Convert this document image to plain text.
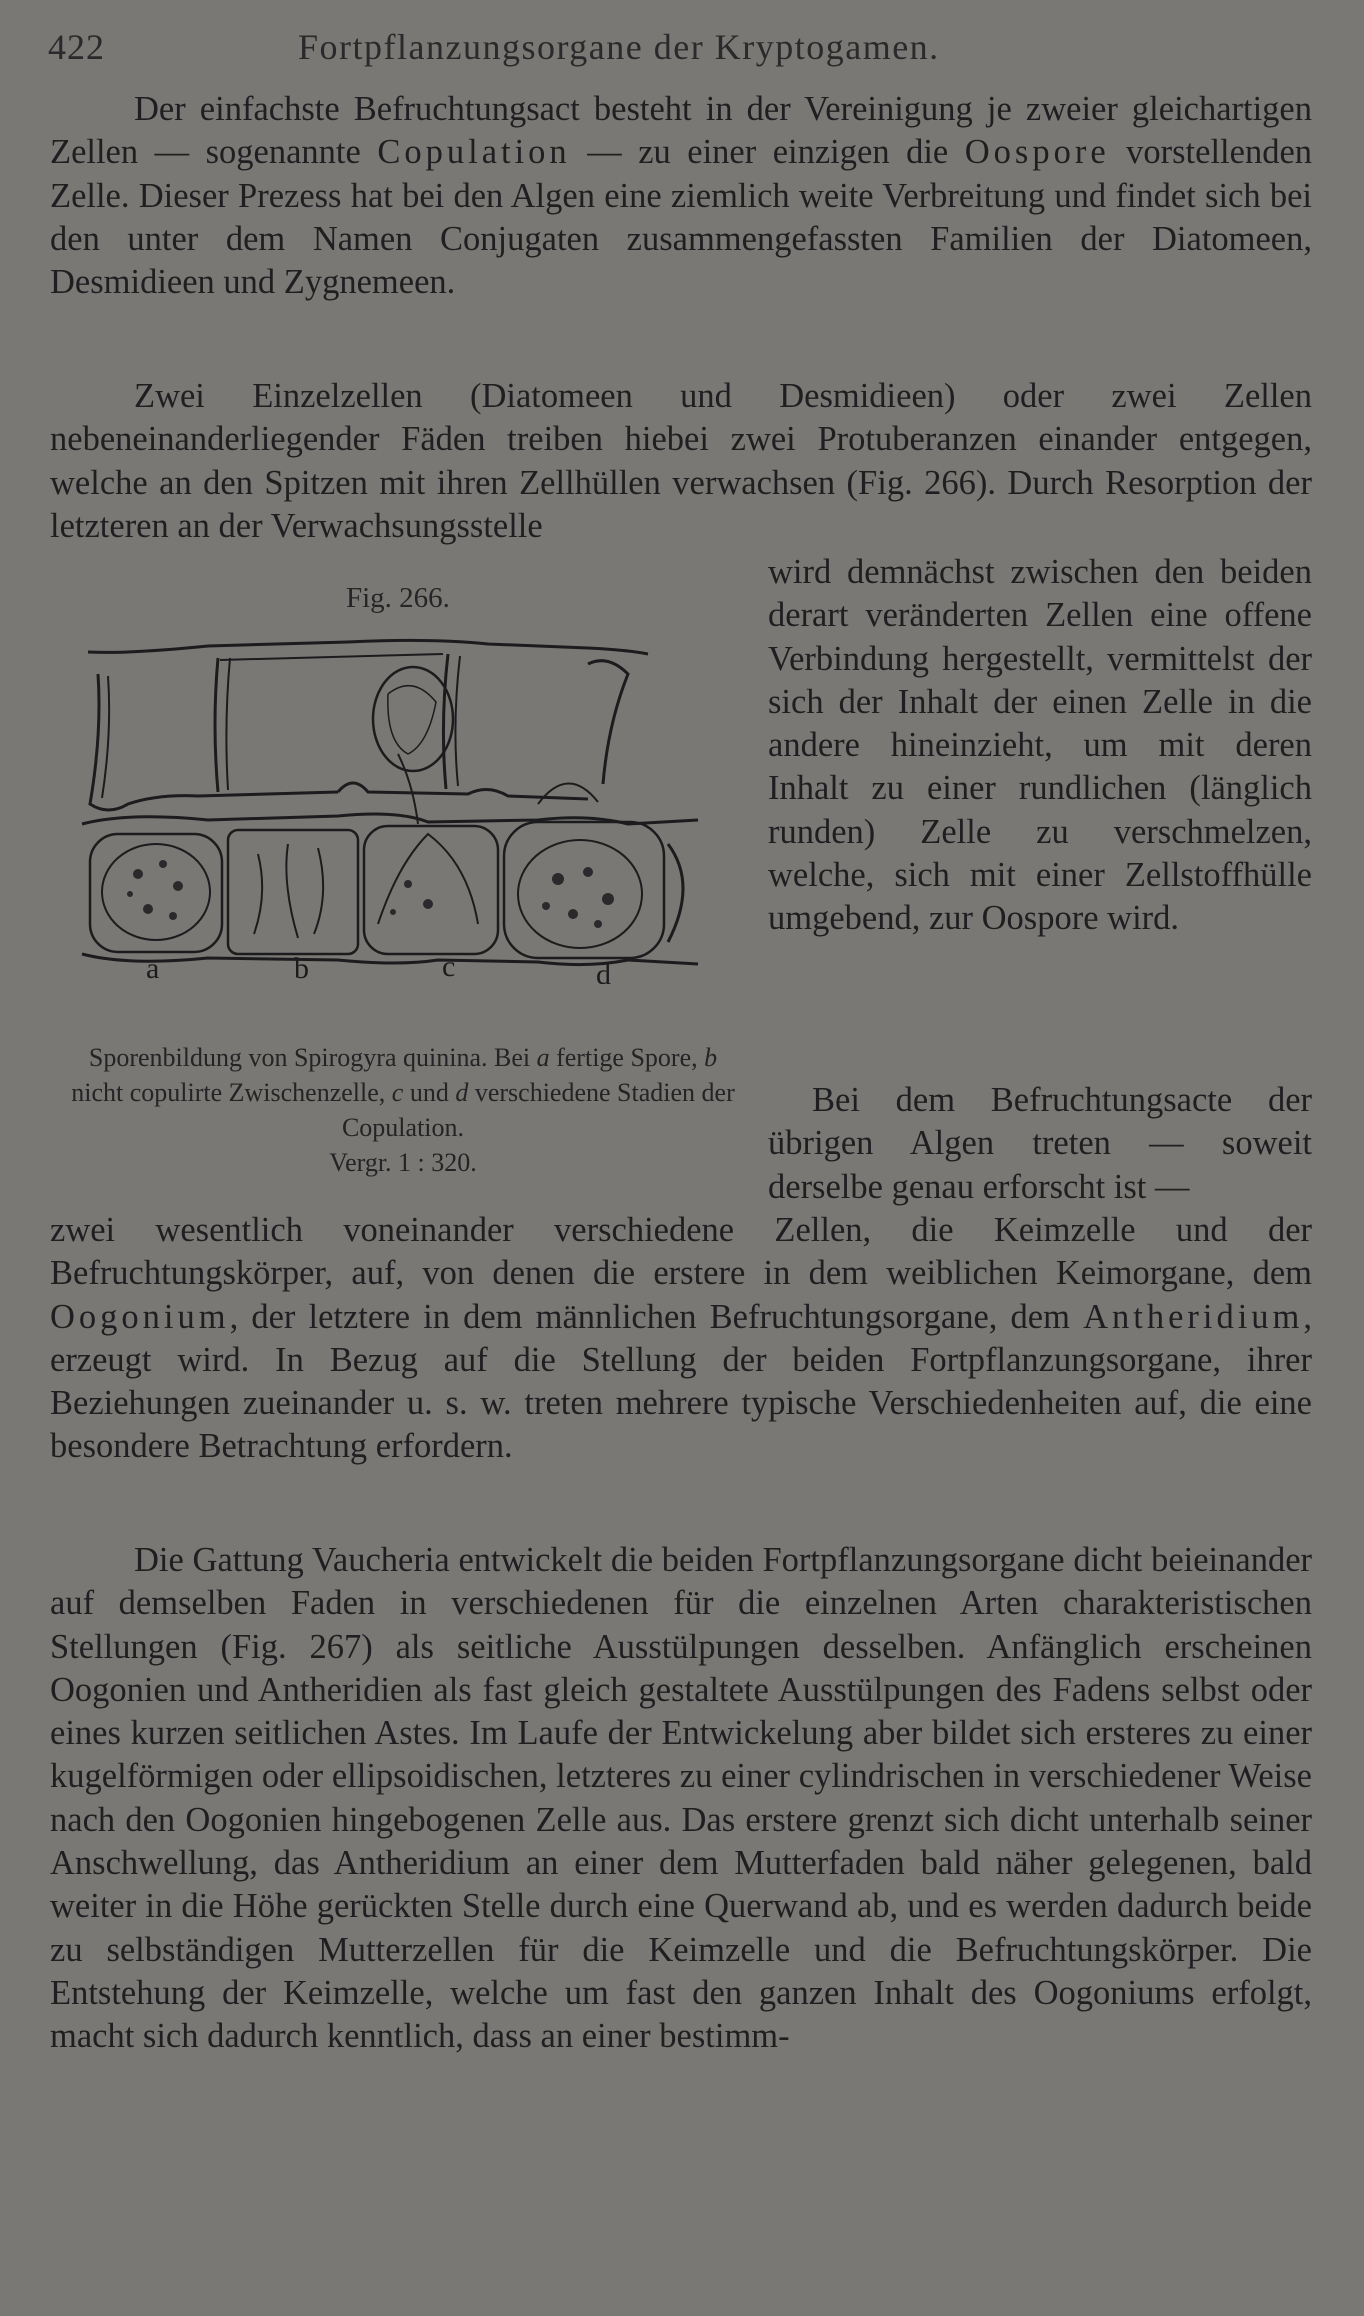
422	Fortpflanzungsorgane der Kryptogamen.

Der einfachste Befruchtungsact besteht in der Vereinigung je zweier gleichartigen Zellen — sogenannte Copulation — zu einer einzigen die Oospore vorstellenden Zelle. Dieser Prezess hat bei den Algen eine ziemlich weite Verbreitung und findet sich bei den unter dem Namen Conjugaten zusammengefassten Familien der Diatomeen, Desmidieen und Zygnemeen.

Zwei Einzelzellen (Diatomeen und Desmidieen) oder zwei Zellen nebeneinanderliegender Fäden treiben hiebei zwei Protuberanzen einander entgegen, welche an den Spitzen mit ihren Zellhüllen verwachsen (Fig. 266). Durch Resorption der letzteren an der Verwachsungsstelle

wird demnächst zwischen den beiden derart veränderten Zellen eine offene Verbindung hergestellt, vermittelst der sich der Inhalt der einen Zelle in die andere hineinzieht, um mit deren Inhalt zu einer rundlichen (länglich runden) Zelle zu verschmelzen, welche, sich mit einer Zellstoffhülle umgebend, zur Oospore wird.

Fig. 266.
a	b	c	d
Sporenbildung von Spirogyra quinina. Bei a fertige Spore, b nicht copulirte Zwischenzelle, c und d verschiedene Stadien der Copulation.
Vergr. 1 : 320.

Bei dem Befruchtungsacte der übrigen Algen treten — soweit derselbe genau erforscht ist —

zwei wesentlich voneinander verschiedene Zellen, die Keimzelle und der Befruchtungskörper, auf, von denen die erstere in dem weiblichen Keimorgane, dem Oogonium, der letztere in dem männlichen Befruchtungsorgane, dem Antheridium, erzeugt wird. In Bezug auf die Stellung der beiden Fortpflanzungsorgane, ihrer Beziehungen zueinander u. s. w. treten mehrere typische Verschiedenheiten auf, die eine besondere Betrachtung erfordern.

Die Gattung Vaucheria entwickelt die beiden Fortpflanzungsorgane dicht beieinander auf demselben Faden in verschiedenen für die einzelnen Arten charakteristischen Stellungen (Fig. 267) als seitliche Ausstülpungen desselben. Anfänglich erscheinen Oogonien und Antheridien als fast gleich gestaltete Ausstülpungen des Fadens selbst oder eines kurzen seitlichen Astes. Im Laufe der Entwickelung aber bildet sich ersteres zu einer kugelförmigen oder ellipsoidischen, letzteres zu einer cylindrischen in verschiedener Weise nach den Oogonien hingebogenen Zelle aus. Das erstere grenzt sich dicht unterhalb seiner Anschwellung, das Antheridium an einer dem Mutterfaden bald näher gelegenen, bald weiter in die Höhe gerückten Stelle durch eine Querwand ab, und es werden dadurch beide zu selbständigen Mutterzellen für die Keimzelle und die Befruchtungskörper. Die Entstehung der Keimzelle, welche um fast den ganzen Inhalt des Oogoniums erfolgt, macht sich dadurch kenntlich, dass an einer bestimm-
